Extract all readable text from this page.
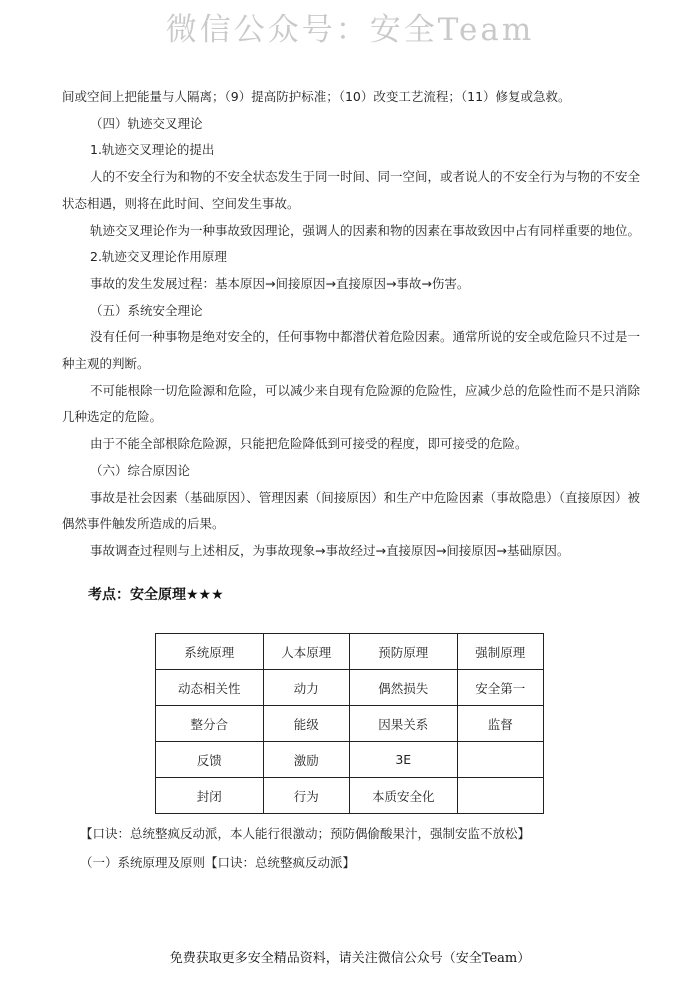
微信公众号：安全Team

间或空间上把能量与人隔离；（9）提高防护标准；（10）改变工艺流程；（11）修复或急救。

（四）轨迹交叉理论

1.轨迹交叉理论的提出

人的不安全行为和物的不安全状态发生于同一时间、同一空间，或者说人的不安全行为与物的不安全状态相遇，则将在此时间、空间发生事故。

轨迹交叉理论作为一种事故致因理论，强调人的因素和物的因素在事故致因中占有同样重要的地位。

2.轨迹交叉理论作用原理

事故的发生发展过程：基本原因→间接原因→直接原因→事故→伤害。

（五）系统安全理论

没有任何一种事物是绝对安全的，任何事物中都潜伏着危险因素。通常所说的安全或危险只不过是一种主观的判断。

不可能根除一切危险源和危险，可以减少来自现有危险源的危险性，应减少总的危险性而不是只消除几种选定的危险。

由于不能全部根除危险源，只能把危险降低到可接受的程度，即可接受的危险。

（六）综合原因论

事故是社会因素（基础原因）、管理因素（间接原因）和生产中危险因素（事故隐患）（直接原因）被偶然事件触发所造成的后果。

事故调查过程则与上述相反，为事故现象→事故经过→直接原因→间接原因→基础原因。

考点：安全原理★★★
系统原理	人本原理	预防原理	强制原理
动态相关性	动力	偶然损失	安全第一
整分合	能级	因果关系	监督
反馈	激励	3E	
封闭	行为	本质安全化	
【口诀：总统整疯反动派，本人能行很激动；预防偶偷酸果汁，强制安监不放松】
（一）系统原理及原则【口诀：总统整疯反动派】
免费获取更多安全精品资料，请关注微信公众号（安全Team）
